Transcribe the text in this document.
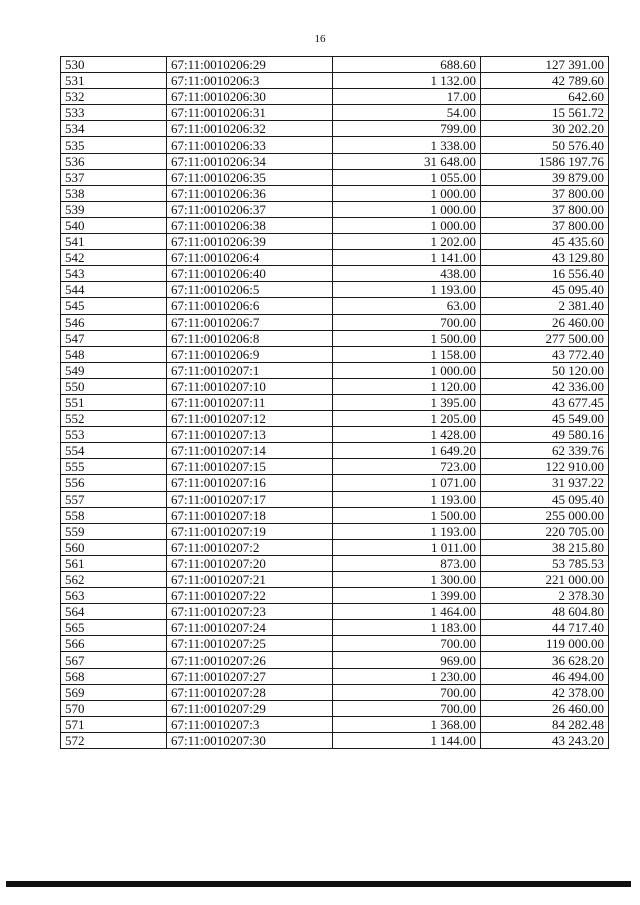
16
530	67:11:0010206:29	688.60	127 391.00
531	67:11:0010206:3	1 132.00	42 789.60
532	67:11:0010206:30	17.00	642.60
533	67:11:0010206:31	54.00	15 561.72
534	67:11:0010206:32	799.00	30 202.20
535	67:11:0010206:33	1 338.00	50 576.40
536	67:11:0010206:34	31 648.00	1586 197.76
537	67:11:0010206:35	1 055.00	39 879.00
538	67:11:0010206:36	1 000.00	37 800.00
539	67:11:0010206:37	1 000.00	37 800.00
540	67:11:0010206:38	1 000.00	37 800.00
541	67:11:0010206:39	1 202.00	45 435.60
542	67:11:0010206:4	1 141.00	43 129.80
543	67:11:0010206:40	438.00	16 556.40
544	67:11:0010206:5	1 193.00	45 095.40
545	67:11:0010206:6	63.00	2 381.40
546	67:11:0010206:7	700.00	26 460.00
547	67:11:0010206:8	1 500.00	277 500.00
548	67:11:0010206:9	1 158.00	43 772.40
549	67:11:0010207:1	1 000.00	50 120.00
550	67:11:0010207:10	1 120.00	42 336.00
551	67:11:0010207:11	1 395.00	43 677.45
552	67:11:0010207:12	1 205.00	45 549.00
553	67:11:0010207:13	1 428.00	49 580.16
554	67:11:0010207:14	1 649.20	62 339.76
555	67:11:0010207:15	723.00	122 910.00
556	67:11:0010207:16	1 071.00	31 937.22
557	67:11:0010207:17	1 193.00	45 095.40
558	67:11:0010207:18	1 500.00	255 000.00
559	67:11:0010207:19	1 193.00	220 705.00
560	67:11:0010207:2	1 011.00	38 215.80
561	67:11:0010207:20	873.00	53 785.53
562	67:11:0010207:21	1 300.00	221 000.00
563	67:11:0010207:22	1 399.00	2 378.30
564	67:11:0010207:23	1 464.00	48 604.80
565	67:11:0010207:24	1 183.00	44 717.40
566	67:11:0010207:25	700.00	119 000.00
567	67:11:0010207:26	969.00	36 628.20
568	67:11:0010207:27	1 230.00	46 494.00
569	67:11:0010207:28	700.00	42 378.00
570	67:11:0010207:29	700.00	26 460.00
571	67:11:0010207:3	1 368.00	84 282.48
572	67:11:0010207:30	1 144.00	43 243.20
